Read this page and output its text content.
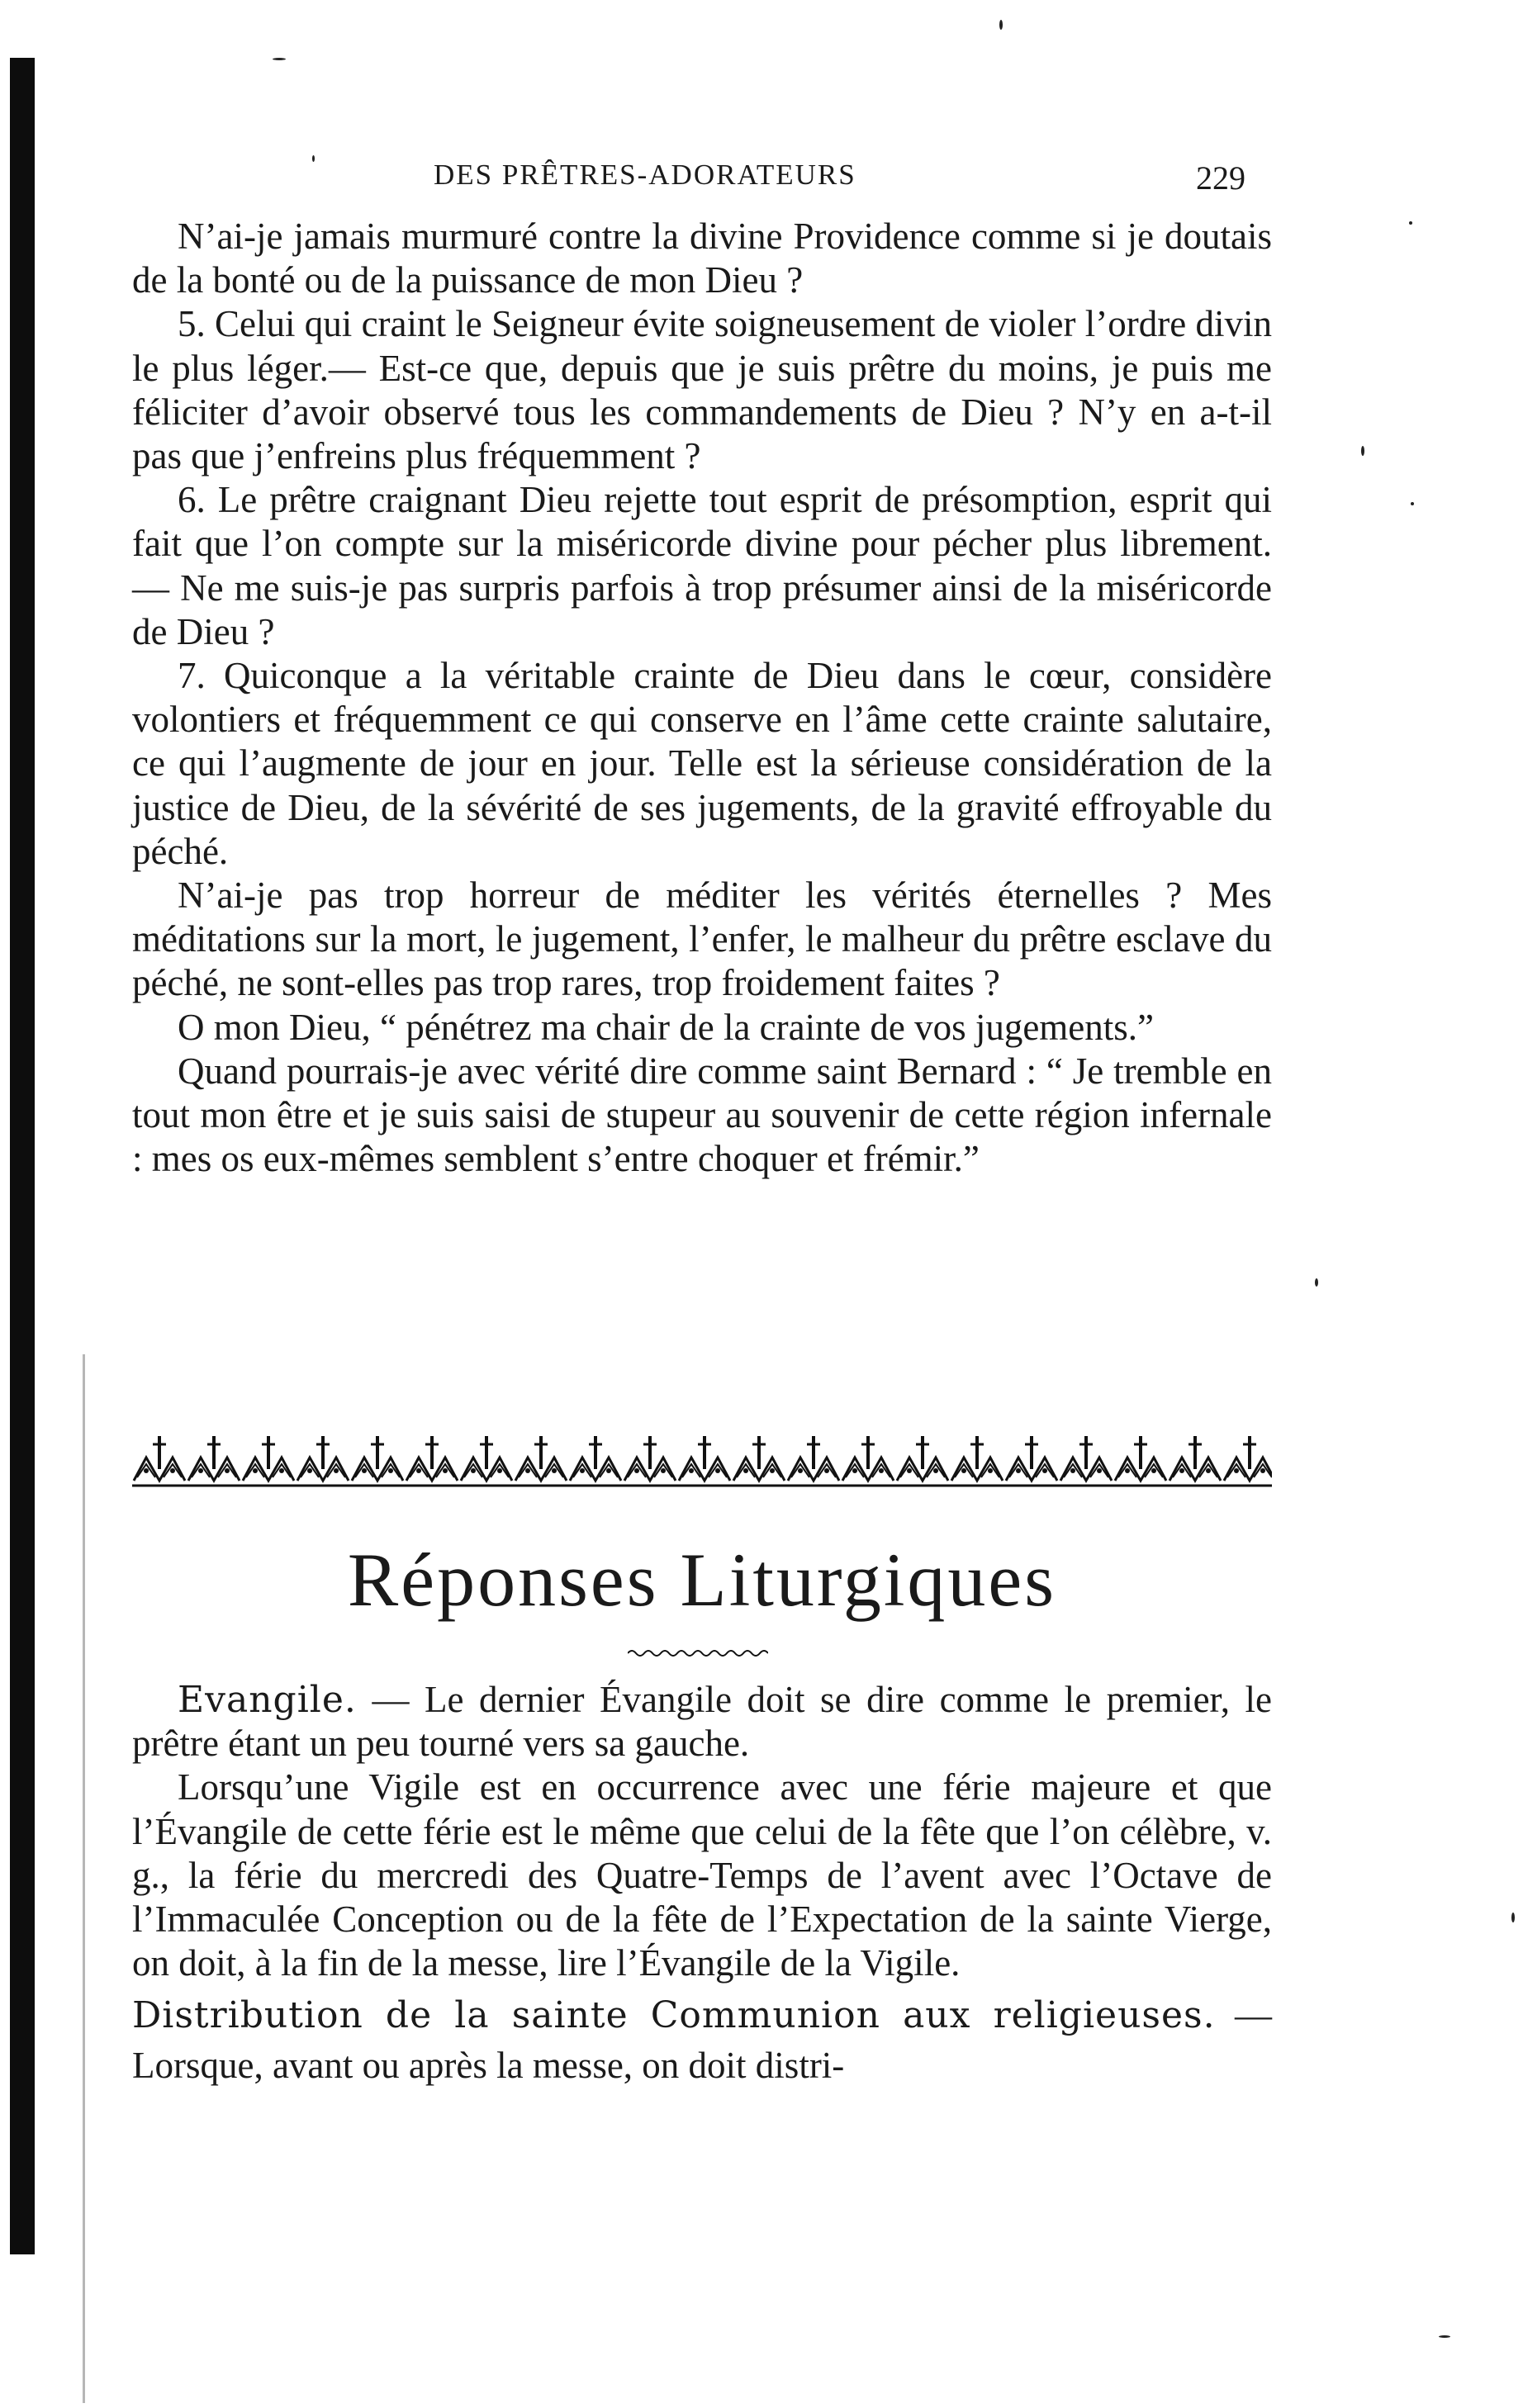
DES PRÊTRES-ADORATEURS	229

N’ai-je jamais murmuré contre la divine Providence comme si je doutais de la bonté ou de la puissance de mon Dieu ?

5. Celui qui craint le Seigneur évite soigneusement de violer l’ordre divin le plus léger.— Est-ce que, depuis que je suis prêtre du moins, je puis me féliciter d’avoir observé tous les commandements de Dieu ? N’y en a-t-il pas que j’enfreins plus fréquemment ?

6. Le prêtre craignant Dieu rejette tout esprit de présomption, esprit qui fait que l’on compte sur la miséricorde divine pour pécher plus librement. — Ne me suis-je pas surpris parfois à trop présumer ainsi de la miséricorde de Dieu ?

7. Quiconque a la véritable crainte de Dieu dans le cœur, considère volontiers et fréquemment ce qui conserve en l’âme cette crainte salutaire, ce qui l’augmente de jour en jour. Telle est la sérieuse considération de la justice de Dieu, de la sévérité de ses jugements, de la gravité effroyable du péché.

N’ai-je pas trop horreur de méditer les vérités éternelles ? Mes méditations sur la mort, le jugement, l’enfer, le malheur du prêtre esclave du péché, ne sont-elles pas trop rares, trop froidement faites ?

O mon Dieu, “ pénétrez ma chair de la crainte de vos jugements.”

Quand pourrais-je avec vérité dire comme saint Bernard : “ Je tremble en tout mon être et je suis saisi de stupeur au souvenir de cette région infernale : mes os eux-mêmes semblent s’entre choquer et frémir.”

Réponses Liturgiques

Evangile. — Le dernier Évangile doit se dire comme le premier, le prêtre étant un peu tourné vers sa gauche.

Lorsqu’une Vigile est en occurrence avec une férie majeure et que l’Évangile de cette férie est le même que celui de la fête que l’on célèbre, v. g., la férie du mercredi des Quatre-Temps de l’avent avec l’Octave de l’Immaculée Conception ou de la fête de l’Expectation de la sainte Vierge, on doit, à la fin de la messe, lire l’Évangile de la Vigile.

Distribution de la sainte Communion aux religieuses. — Lorsque, avant ou après la messe, on doit distri-
